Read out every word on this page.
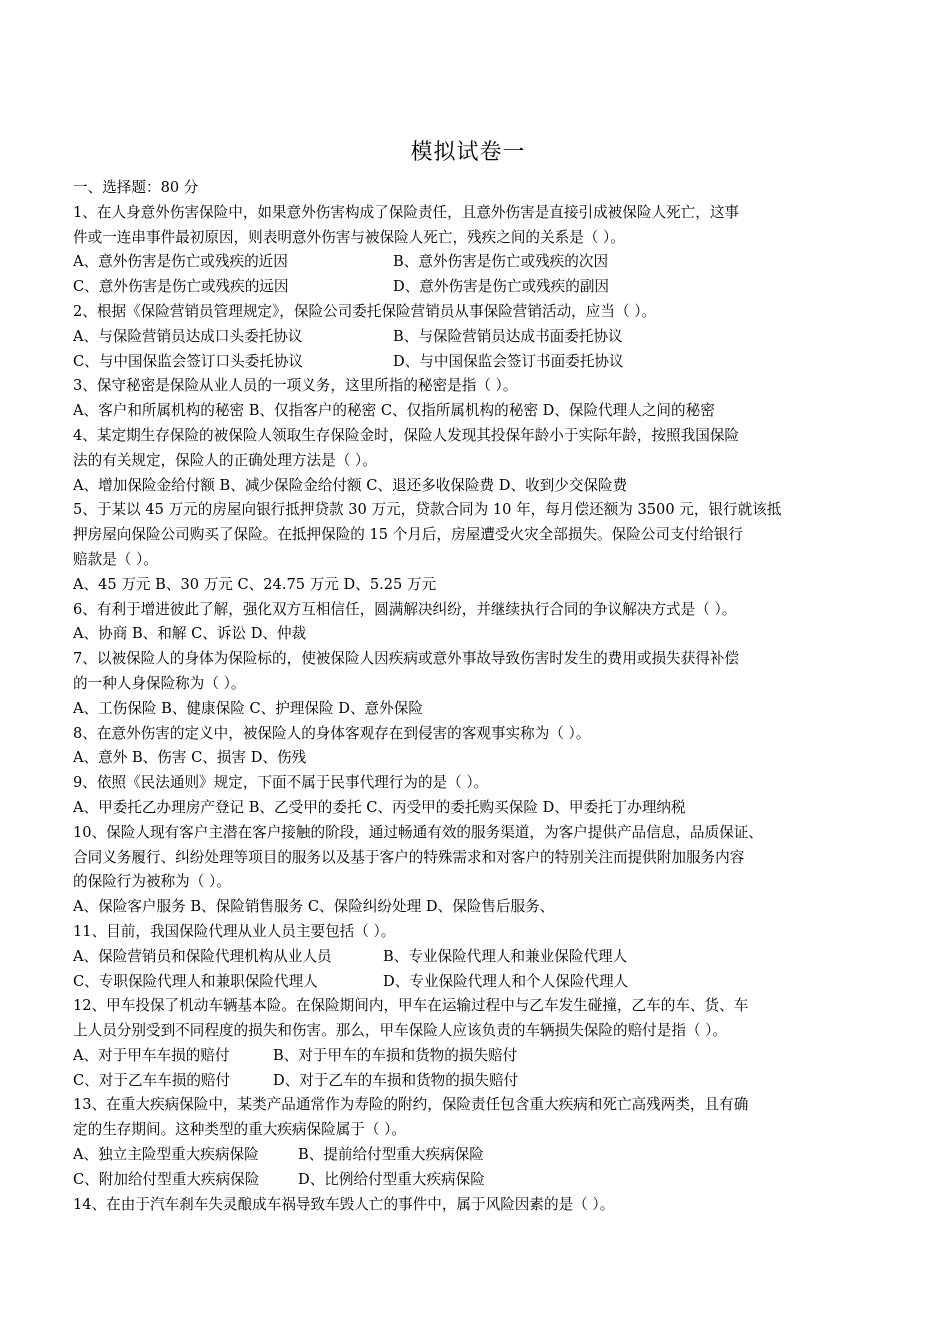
模拟试卷一
一、选择题：80 分
1、在人身意外伤害保险中，如果意外伤害构成了保险责任，且意外伤害是直接引成被保险人死亡，这事
件或一连串事件最初原因，则表明意外伤害与被保险人死亡，残疾之间的关系是（ ）。
A、意外伤害是伤亡或残疾的近因	B、意外伤害是伤亡或残疾的次因
C、意外伤害是伤亡或残疾的远因	D、意外伤害是伤亡或残疾的副因
2、根据《保险营销员管理规定》，保险公司委托保险营销员从事保险营销活动，应当（ ）。
A、与保险营销员达成口头委托协议	B、与保险营销员达成书面委托协议
C、与中国保监会签订口头委托协议	D、与中国保监会签订书面委托协议
3、保守秘密是保险从业人员的一项义务，这里所指的秘密是指（ ）。
A、客户和所属机构的秘密 B、仅指客户的秘密 C、仅指所属机构的秘密 D、保险代理人之间的秘密
4、某定期生存保险的被保险人领取生存保险金时，保险人发现其投保年龄小于实际年龄，按照我国保险
法的有关规定，保险人的正确处理方法是（ ）。
A、增加保险金给付额 B、减少保险金给付额 C、退还多收保险费 D、收到少交保险费
5、于某以 45 万元的房屋向银行抵押贷款 30 万元，贷款合同为 10 年，每月偿还额为 3500 元，银行就该抵
押房屋向保险公司购买了保险。在抵押保险的 15 个月后，房屋遭受火灾全部损失。保险公司支付给银行
赔款是（ ）。
A、45 万元 B、30 万元 C、24.75 万元 D、5.25 万元
6、有利于增进彼此了解，强化双方互相信任，圆满解决纠纷，并继续执行合同的争议解决方式是（ ）。
A、协商 B、和解 C、诉讼 D、仲裁
7、以被保险人的身体为保险标的，使被保险人因疾病或意外事故导致伤害时发生的费用或损失获得补偿
的一种人身保险称为（ ）。
A、工伤保险 B、健康保险 C、护理保险 D、意外保险
8、在意外伤害的定义中，被保险人的身体客观存在到侵害的客观事实称为（ ）。
A、意外 B、伤害 C、损害 D、伤残
9、依照《民法通则》规定，下面不属于民事代理行为的是（ ）。
A、甲委托乙办理房产登记 B、乙受甲的委托 C、丙受甲的委托购买保险 D、甲委托丁办理纳税
10、保险人现有客户主潜在客户接触的阶段，通过畅通有效的服务渠道，为客户提供产品信息，品质保证、
合同义务履行、纠纷处理等项目的服务以及基于客户的特殊需求和对客户的特别关注而提供附加服务内容
的保险行为被称为（ ）。
A、保险客户服务 B、保险销售服务 C、保险纠纷处理 D、保险售后服务、
11、目前，我国保险代理从业人员主要包括（ ）。
A、保险营销员和保险代理机构从业人员	B、专业保险代理人和兼业保险代理人
C、专职保险代理人和兼职保险代理人	D、专业保险代理人和个人保险代理人
12、甲车投保了机动车辆基本险。在保险期间内，甲车在运输过程中与乙车发生碰撞，乙车的车、货、车
上人员分别受到不同程度的损失和伤害。那么，甲车保险人应该负责的车辆损失保险的赔付是指（ ）。
A、对于甲车车损的赔付	B、对于甲车的车损和货物的损失赔付
C、对于乙车车损的赔付	D、对于乙车的车损和货物的损失赔付
13、在重大疾病保险中，某类产品通常作为寿险的附约，保险责任包含重大疾病和死亡高残两类，且有确
定的生存期间。这种类型的重大疾病保险属于（ ）。
A、独立主险型重大疾病保险	B、提前给付型重大疾病保险
C、附加给付型重大疾病保险	D、比例给付型重大疾病保险
14、在由于汽车刹车失灵酿成车祸导致车毁人亡的事件中，属于风险因素的是（ ）。
